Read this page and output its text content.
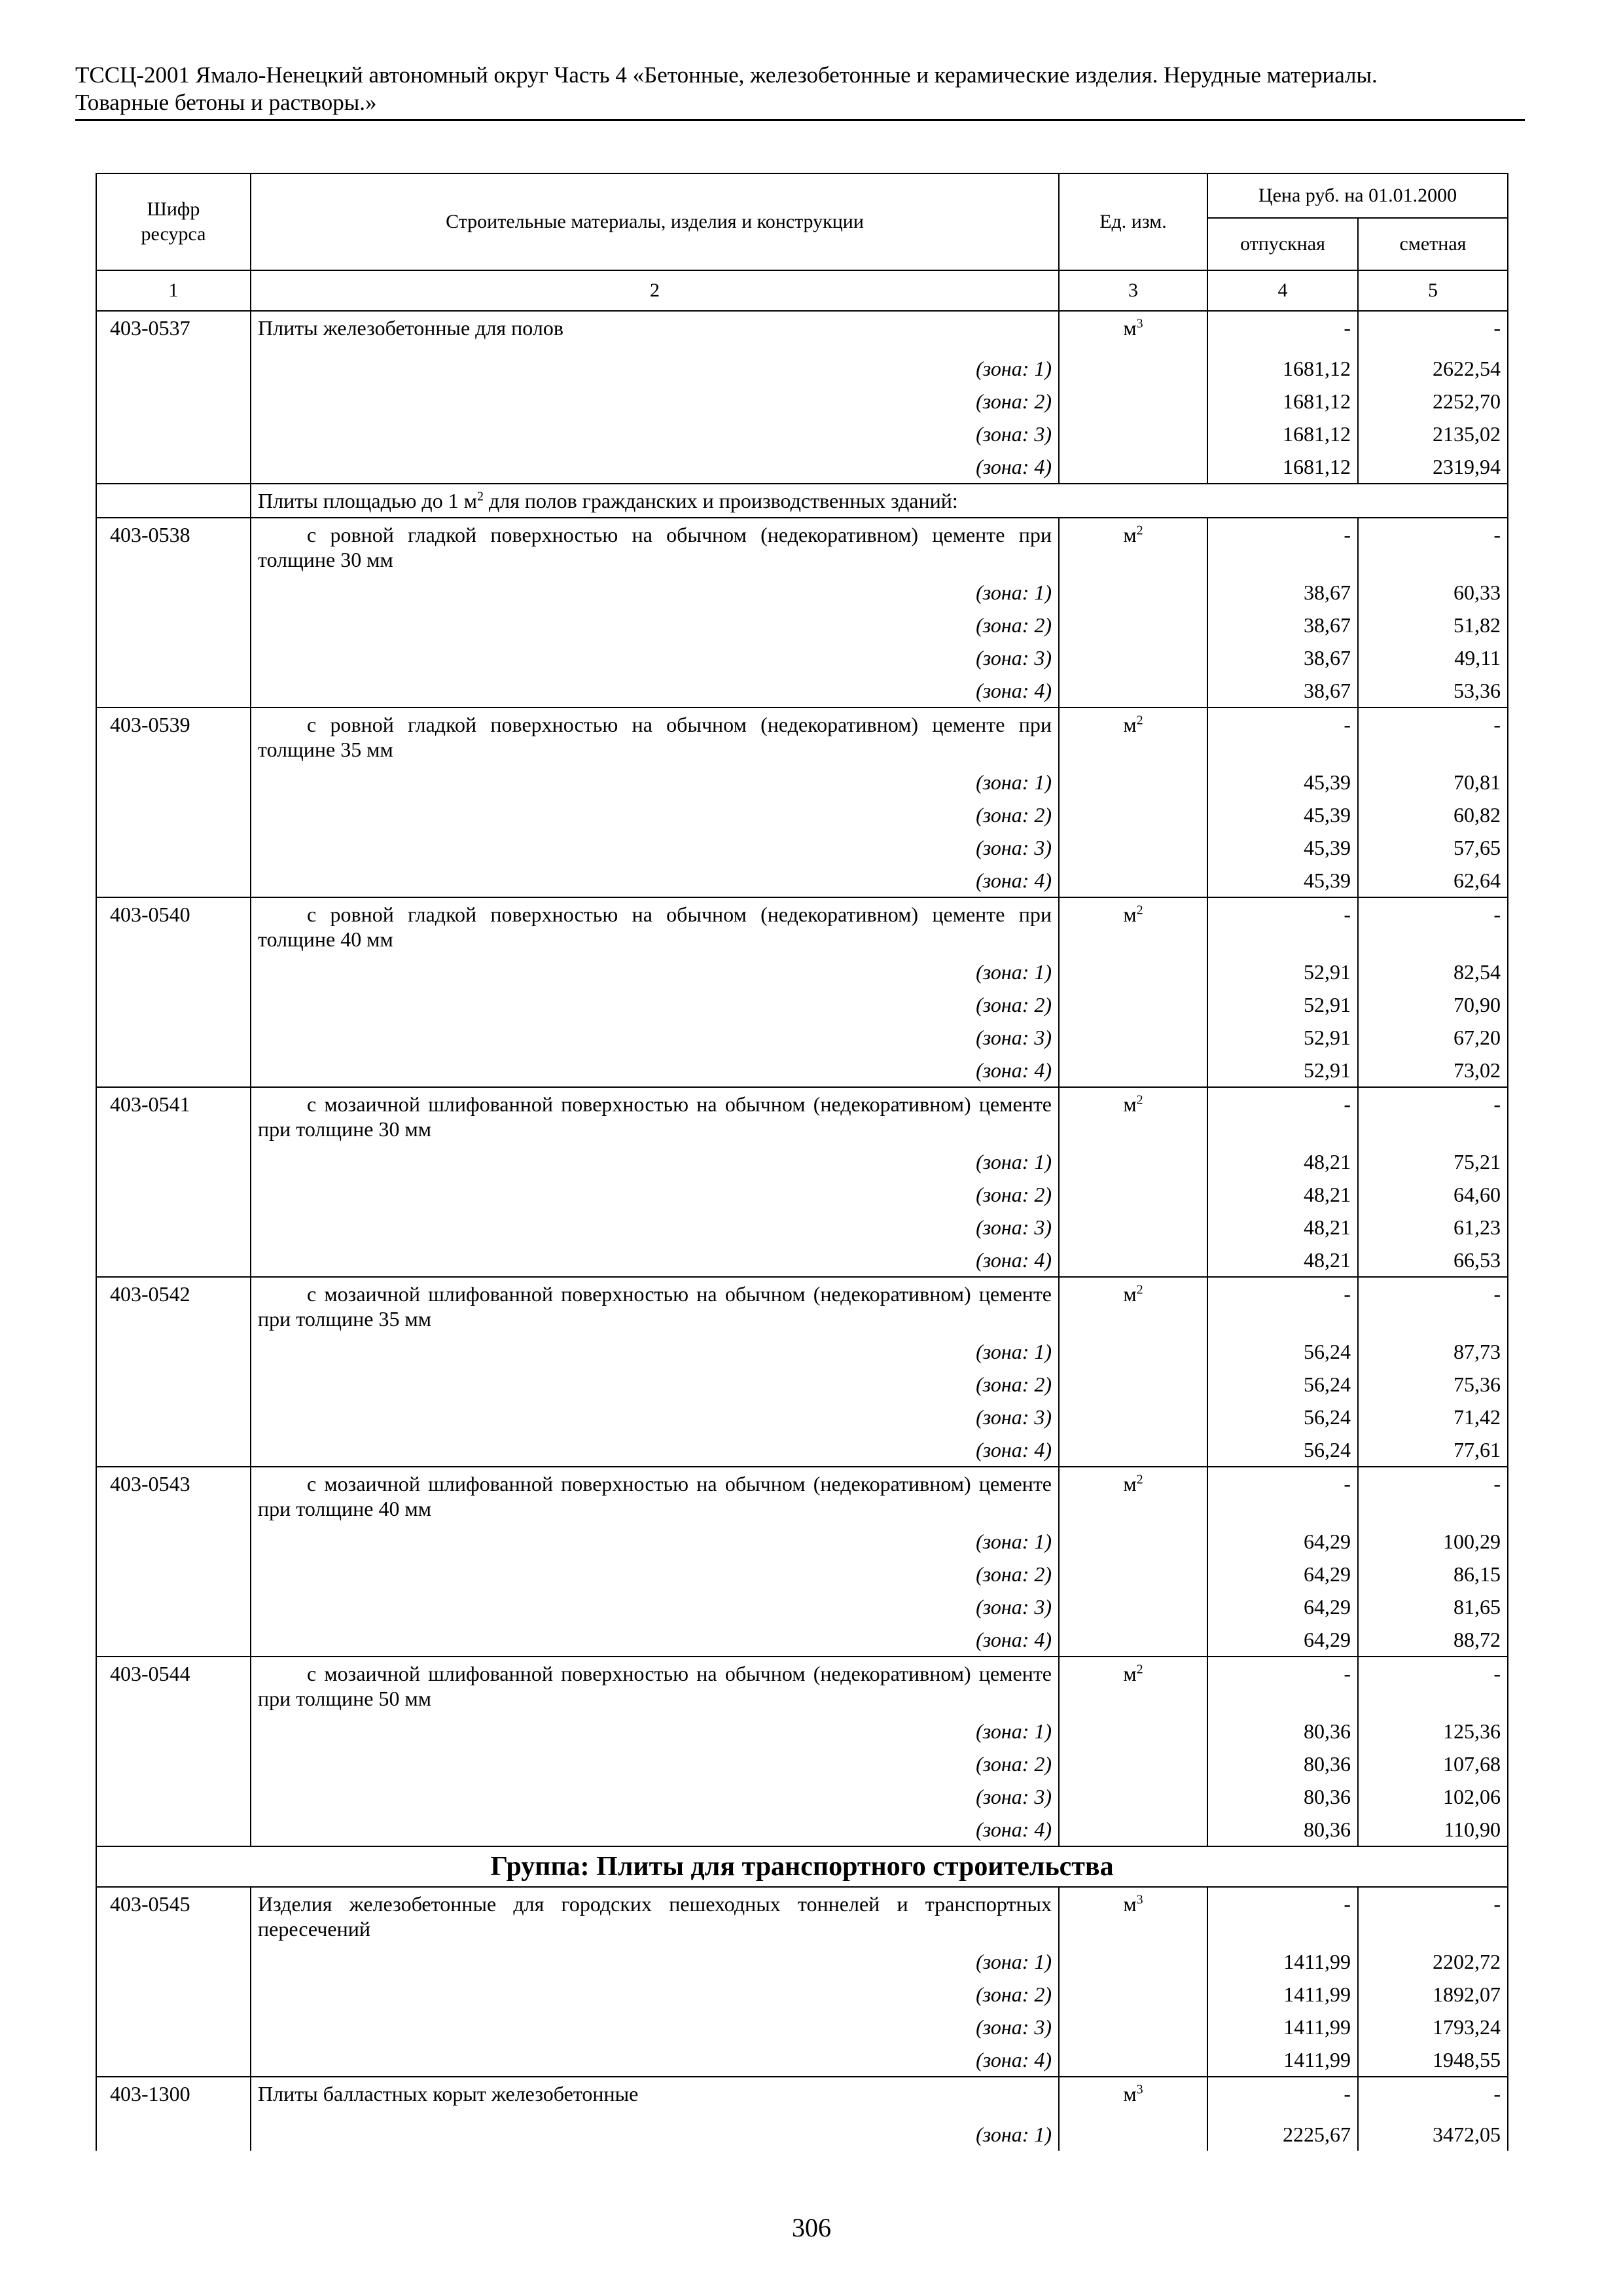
ТССЦ-2001 Ямало-Ненецкий автономный округ Часть 4 «Бетонные, железобетонные и керамические изделия. Нерудные материалы.
Товарные бетоны и растворы.»
Шифр ресурса	Строительные материалы, изделия и конструкции	Ед. изм.	Цена руб. на 01.01.2000	
			отпускная	сметная
1	2	3	4	5
403-0537	Плиты железобетонные для полов	$м^3$	-	-
	(зона: 1)		1681,12	2622,54
	(зона: 2)		1681,12	2252,70
	(зона: 3)		1681,12	2135,02
	(зона: 4)		1681,12	2319,94
	Плиты площадью до 1 $м^2$ для полов гражданских и производственных зданий:			
403-0538	с ровной гладкой поверхностью на обычном (недекоративном) цементе при толщине 30 мм	$м^2$	-	-
	(зона: 1)		38,67	60,33
	(зона: 2)		38,67	51,82
	(зона: 3)		38,67	49,11
	(зона: 4)		38,67	53,36
403-0539	с ровной гладкой поверхностью на обычном (недекоративном) цементе при толщине 35 мм	$м^2$	-	-
	(зона: 1)		45,39	70,81
	(зона: 2)		45,39	60,82
	(зона: 3)		45,39	57,65
	(зона: 4)		45,39	62,64
403-0540	с ровной гладкой поверхностью на обычном (недекоративном) цементе при толщине 40 мм	$м^2$	-	-
	(зона: 1)		52,91	82,54
	(зона: 2)		52,91	70,90
	(зона: 3)		52,91	67,20
	(зона: 4)		52,91	73,02
403-0541	с мозаичной шлифованной поверхностью на обычном (недекоративном) цементе при толщине 30 мм	$м^2$	-	-
	(зона: 1)		48,21	75,21
	(зона: 2)		48,21	64,60
	(зона: 3)		48,21	61,23
	(зона: 4)		48,21	66,53
403-0542	с мозаичной шлифованной поверхностью на обычном (недекоративном) цементе при толщине 35 мм	$м^2$	-	-
	(зона: 1)		56,24	87,73
	(зона: 2)		56,24	75,36
	(зона: 3)		56,24	71,42
	(зона: 4)		56,24	77,61
403-0543	с мозаичной шлифованной поверхностью на обычном (недекоративном) цементе при толщине 40 мм	$м^2$	-	-
	(зона: 1)		64,29	100,29
	(зона: 2)		64,29	86,15
	(зона: 3)		64,29	81,65
	(зона: 4)		64,29	88,72
403-0544	с мозаичной шлифованной поверхностью на обычном (недекоративном) цементе при толщине 50 мм	$м^2$	-	-
	(зона: 1)		80,36	125,36
	(зона: 2)		80,36	107,68
	(зона: 3)		80,36	102,06
	(зона: 4)		80,36	110,90
Группа: Плиты для транспортного строительства				
403-0545	Изделия железобетонные для городских пешеходных тоннелей и транспортных пересечений	$м^3$	-	-
	(зона: 1)		1411,99	2202,72
	(зона: 2)		1411,99	1892,07
	(зона: 3)		1411,99	1793,24
	(зона: 4)		1411,99	1948,55
403-1300	Плиты балластных корыт железобетонные	$м^3$	-	-
	(зона: 1)		2225,67	3472,05
306
